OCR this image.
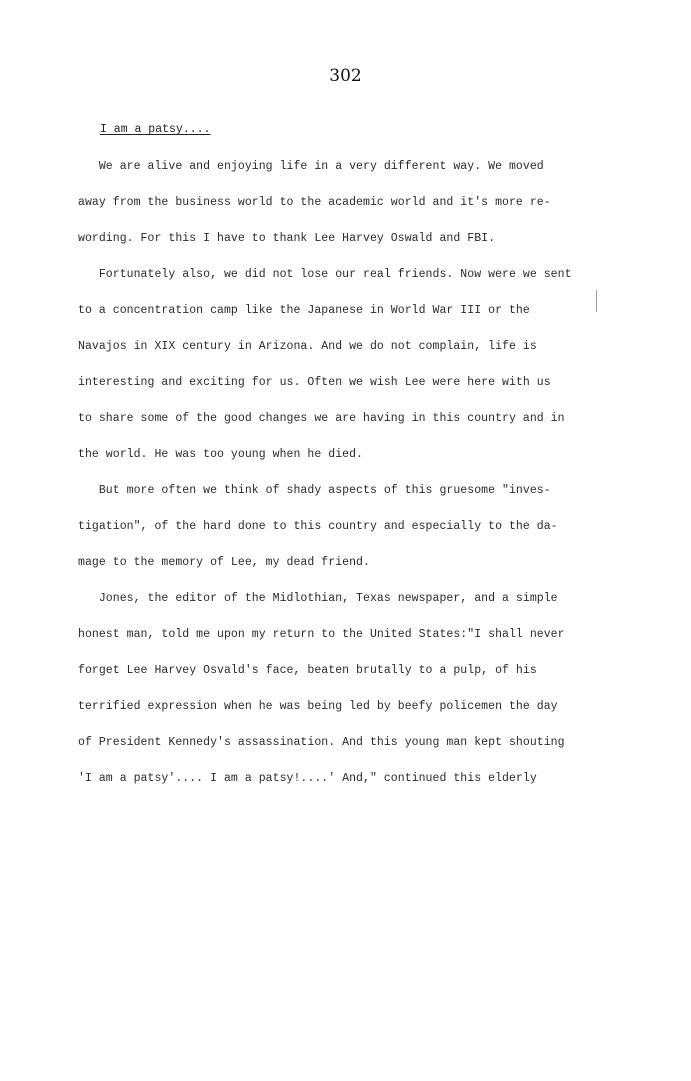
302
I am a patsy....
We are alive and enjoying life in a very different way. We moved
away from the business world to the academic world and it's more re-
wording. For this I have to thank Lee Harvey Oswald and FBI.
Fortunately also, we did not lose our real friends. Now were we sent
to a concentration camp like the Japanese in World War III or the
Navajos in XIX century in Arizona. And we do not complain, life is
interesting and exciting for us. Often we wish Lee were here with us
to share some of the good changes we are having in this country and in
the world. He was too young when he died.
But more often we think of shady aspects of this gruesome "inves-
tigation", of the hard done to this country and especially to the da-
mage to the memory of Lee, my dead friend.
Jones, the editor of the Midlothian, Texas newspaper, and a simple
honest man, told me upon my return to the United States:"I shall never
forget Lee Harvey Osvald's face, beaten brutally to a pulp, of his
terrified expression when he was being led by beefy policemen the day
of President Kennedy's assassination. And this young man kept shouting
'I am a patsy'.... I am a patsy!....' And," continued this elderly
